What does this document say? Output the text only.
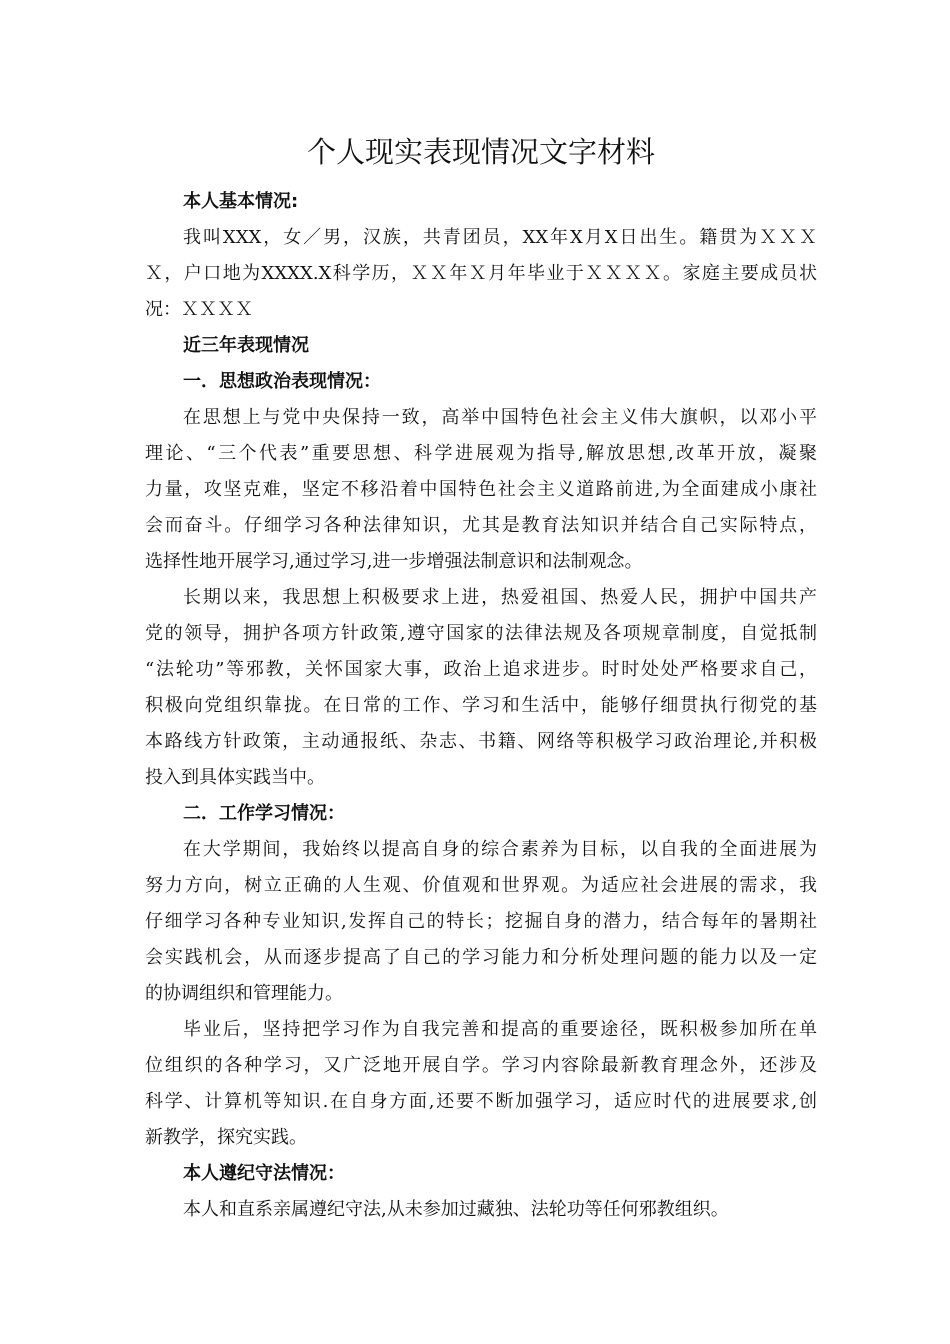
个人现实表现情况文字材料
本人基本情况:
我叫XXX，女／男，汉族，共青团员，XX年X月X日出生。籍贯为ＸＸＸ
Ｘ，户口地为XXXX.X科学历，ＸＸ年Ｘ月年毕业于ＸＸＸＸ。家庭主要成员状
况：ＸＸＸＸ
近三年表现情况
一．思想政治表现情况：
在思想上与党中央保持一致，高举中国特色社会主义伟大旗帜，以邓小平
理论、“三个代表”重要思想、科学进展观为指导,解放思想,改革开放，凝聚
力量，攻坚克难，坚定不移沿着中国特色社会主义道路前进,为全面建成小康社
会而奋斗。仔细学习各种法律知识，尤其是教育法知识并结合自己实际特点，
选择性地开展学习,通过学习,进一步增强法制意识和法制观念。
长期以来，我思想上积极要求上进，热爱祖国、热爱人民，拥护中国共产
党的领导，拥护各项方针政策,遵守国家的法律法规及各项规章制度，自觉抵制
“法轮功”等邪教，关怀国家大事，政治上追求进步。时时处处严格要求自己，
积极向党组织靠拢。在日常的工作、学习和生活中，能够仔细贯执行彻党的基
本路线方针政策，主动通报纸、杂志、书籍、网络等积极学习政治理论,并积极
投入到具体实践当中。
二．工作学习情况：
在大学期间，我始终以提高自身的综合素养为目标，以自我的全面进展为
努力方向，树立正确的人生观、价值观和世界观。为适应社会进展的需求，我
仔细学习各种专业知识,发挥自己的特长；挖掘自身的潜力，结合每年的暑期社
会实践机会，从而逐步提高了自己的学习能力和分析处理问题的能力以及一定
的协调组织和管理能力。
毕业后，坚持把学习作为自我完善和提高的重要途径，既积极参加所在单
位组织的各种学习，又广泛地开展自学。学习内容除最新教育理念外，还涉及
科学、计算机等知识.在自身方面,还要不断加强学习，适应时代的进展要求,创
新教学，探究实践。
本人遵纪守法情况：
本人和直系亲属遵纪守法,从未参加过藏独、法轮功等任何邪教组织。
